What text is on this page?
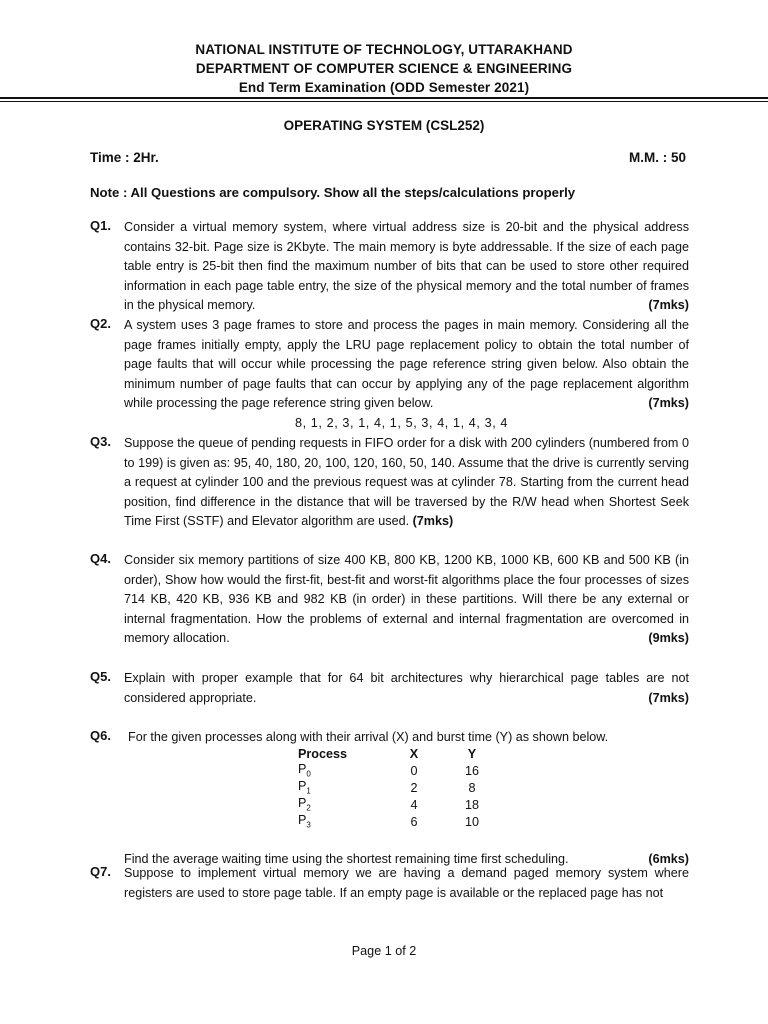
NATIONAL INSTITUTE OF TECHNOLOGY, UTTARAKHAND
DEPARTMENT OF COMPUTER SCIENCE & ENGINEERING
End Term Examination (ODD Semester 2021)
OPERATING SYSTEM (CSL252)
Time : 2Hr.	M.M. : 50
Note : All Questions are compulsory. Show all the steps/calculations properly
Q1. Consider a virtual memory system, where virtual address size is 20-bit and the physical address contains 32-bit. Page size is 2Kbyte. The main memory is byte addressable. If the size of each page table entry is 25-bit then find the maximum number of bits that can be used to store other required information in each page table entry, the size of the physical memory and the total number of frames in the physical memory.	(7mks)
Q2. A system uses 3 page frames to store and process the pages in main memory. Considering all the page frames initially empty, apply the LRU page replacement policy to obtain the total number of page faults that will occur while processing the page reference string given below. Also obtain the minimum number of page faults that can occur by applying any of the page replacement algorithm while processing the page reference string given below.	(7mks)
8, 1, 2, 3, 1, 4, 1, 5, 3, 4, 1, 4, 3, 4
Q3. Suppose the queue of pending requests in FIFO order for a disk with 200 cylinders (numbered from 0 to 199) is given as: 95, 40, 180, 20, 100, 120, 160, 50, 140. Assume that the drive is currently serving a request at cylinder 100 and the previous request was at cylinder 78. Starting from the current head position, find difference in the distance that will be traversed by the R/W head when Shortest Seek Time First (SSTF) and Elevator algorithm are used. (7mks)
Q4. Consider six memory partitions of size 400 KB, 800 KB, 1200 KB, 1000 KB, 600 KB and 500 KB (in order), Show how would the first-fit, best-fit and worst-fit algorithms place the four processes of sizes 714 KB, 420 KB, 936 KB and 982 KB (in order) in these partitions. Will there be any external or internal fragmentation. How the problems of external and internal fragmentation are overcomed in memory allocation.	(9mks)
Q5. Explain with proper example that for 64 bit architectures why hierarchical page tables are not considered appropriate.	(7mks)
Q6. For the given processes along with their arrival (X) and burst time (Y) as shown below.
Process	X	Y
$P_0$	0	16
$P_1$	2	8
$P_2$	4	18
$P_3$	6	10
Find the average waiting time using the shortest remaining time first scheduling.	(6mks)
Q7. Suppose to implement virtual memory we are having a demand paged memory system where registers are used to store page table. If an empty page is available or the replaced page has not
Page 1 of 2
